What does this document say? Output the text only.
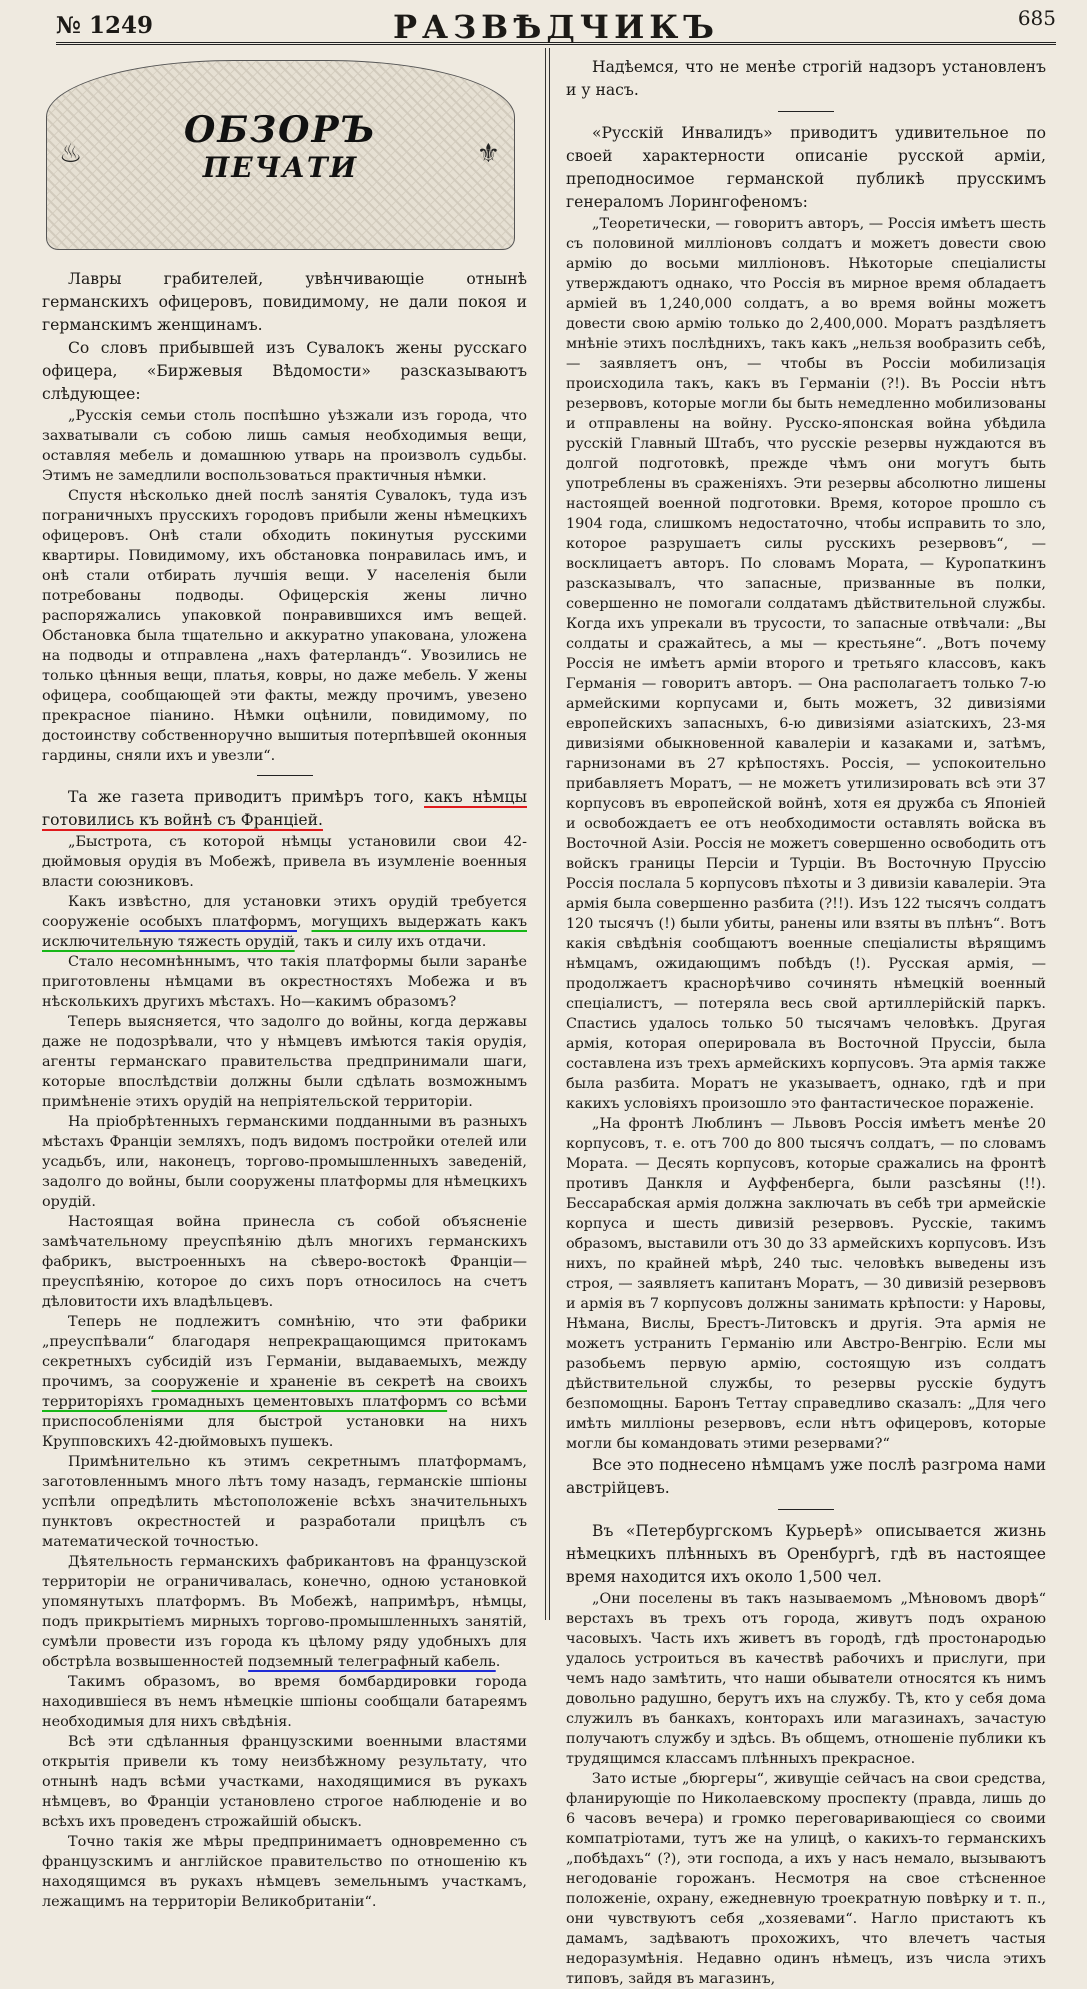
№ 1249	РАЗВѢДЧИКЪ	685
♨	⚜
ОБЗОРЪ
ПЕЧАТИ

Лавры грабителей, увѣнчивающіе отнынѣ германскихъ офицеровъ, повидимому, не дали покоя и германскимъ женщинамъ.

Со словъ прибывшей изъ Сувалокъ жены русскаго офицера, «Биржевыя Вѣдомости» разсказываютъ слѣдующее:

„Русскія семьи столь поспѣшно уѣзжали изъ города, что захватывали съ собою лишь самыя необходимыя вещи, оставляя мебель и домашнюю утварь на произволъ судьбы. Этимъ не замедлили воспользоваться практичныя нѣмки.

Спустя нѣсколько дней послѣ занятія Сувалокъ, туда изъ пограничныхъ прусскихъ городовъ прибыли жены нѣмецкихъ офицеровъ. Онѣ стали обходить покинутыя русскими квартиры. Повидимому, ихъ обстановка понравилась имъ, и онѣ стали отбирать лучшія вещи. У населенія были потребованы подводы. Офицерскія жены лично распоряжались упаковкой понравившихся имъ вещей. Обстановка была тщательно и аккуратно упакована, уложена на подводы и отправлена „нахъ фатерландъ“. Увозились не только цѣнныя вещи, платья, ковры, но даже мебель. У жены офицера, сообщающей эти факты, между прочимъ, увезено прекрасное піанино. Нѣмки оцѣнили, повидимому, по достоинству собственноручно вышитыя потерпѣвшей оконныя гардины, сняли ихъ и увезли“.

Та же газета приводитъ примѣръ того, какъ нѣмцы готовились къ войнѣ съ Франціей.

„Быстрота, съ которой нѣмцы установили свои 42-дюймовыя орудія въ Мобежѣ, привела въ изумленіе военныя власти союзниковъ.

Какъ извѣстно, для установки этихъ орудій требуется сооруженіе особыхъ платформъ, могущихъ выдержать какъ исключительную тяжесть орудій, такъ и силу ихъ отдачи.

Стало несомнѣннымъ, что такія платформы были заранѣе приготовлены нѣмцами въ окрестностяхъ Мобежа и въ нѣсколькихъ другихъ мѣстахъ. Но—какимъ образомъ?

Теперь выясняется, что задолго до войны, когда державы даже не подозрѣвали, что у нѣмцевъ имѣются такія орудія, агенты германскаго правительства предпринимали шаги, которые впослѣдствіи должны были сдѣлать возможнымъ примѣненіе этихъ орудій на непріятельской территоріи.

На пріобрѣтенныхъ германскими подданными въ разныхъ мѣстахъ Франціи земляхъ, подъ видомъ постройки отелей или усадьбъ, или, наконецъ, торгово-промышленныхъ заведеній, задолго до войны, были сооружены платформы для нѣмецкихъ орудій.

Настоящая война принесла съ собой объясненіе замѣчательному преуспѣянію дѣлъ многихъ германскихъ фабрикъ, выстроенныхъ на сѣверо-востокѣ Франціи—преуспѣянію, которое до сихъ поръ относилось на счетъ дѣловитости ихъ владѣльцевъ.

Теперь не подлежитъ сомнѣнію, что эти фабрики „преуспѣвали“ благодаря непрекращающимся притокамъ секретныхъ субсидій изъ Германіи, выдаваемыхъ, между прочимъ, за сооруженіе и храненіе въ секретѣ на своихъ территоріяхъ громадныхъ цементовыхъ платформъ со всѣми приспособленіями для быстрой установки на нихъ Крупповскихъ 42-дюймовыхъ пушекъ.

Примѣнительно къ этимъ секретнымъ платформамъ, заготовленнымъ много лѣтъ тому назадъ, германскіе шпіоны успѣли опредѣлить мѣстоположеніе всѣхъ значительныхъ пунктовъ окрестностей и разработали прицѣлъ съ математической точностью.

Дѣятельность германскихъ фабрикантовъ на французской территоріи не ограничивалась, конечно, одною установкой упомянутыхъ платформъ. Въ Мобежѣ, напримѣръ, нѣмцы, подъ прикрытіемъ мирныхъ торгово-промышленныхъ занятій, сумѣли провести изъ города къ цѣлому ряду удобныхъ для обстрѣла возвышенностей подземный телеграфный кабель.

Такимъ образомъ, во время бомбардировки города находившіеся въ немъ нѣмецкіе шпіоны сообщали батареямъ необходимыя для нихъ свѣдѣнія.

Всѣ эти сдѣланныя французскими военными властями открытія привели къ тому неизбѣжному результату, что отнынѣ надъ всѣми участками, находящимися въ рукахъ нѣмцевъ, во Франціи установлено строгое наблюденіе и во всѣхъ ихъ проведенъ строжайшій обыскъ.

Точно такія же мѣры предпринимаетъ одновременно съ французскимъ и англійское правительство по отношенію къ находящимся въ рукахъ нѣмцевъ земельнымъ участкамъ, лежащимъ на территоріи Великобританіи“.

Надѣемся, что не менѣе строгій надзоръ установленъ и у насъ.

«Русскій Инвалидъ» приводитъ удивительное по своей характерности описаніе русской арміи, преподносимое германской публикѣ прусскимъ генераломъ Лорингофеномъ:

„Теоретически, — говоритъ авторъ, — Россія имѣетъ шесть съ половиной милліоновъ солдатъ и можетъ довести свою армію до восьми милліоновъ. Нѣкоторые спеціалисты утверждаютъ однако, что Россія въ мирное время обладаетъ арміей въ 1,240,000 солдатъ, а во время войны можетъ довести свою армію только до 2,400,000. Моратъ раздѣляетъ мнѣніе этихъ послѣднихъ, такъ какъ „нельзя вообразить себѣ, — заявляетъ онъ, — чтобы въ Россіи мобилизація происходила такъ, какъ въ Германіи (?!). Въ Россіи нѣтъ резервовъ, которые могли бы быть немедленно мобилизованы и отправлены на войну. Русско-японская война убѣдила русскій Главный Штабъ, что русскіе резервы нуждаются въ долгой подготовкѣ, прежде чѣмъ они могутъ быть употреблены въ сраженіяхъ. Эти резервы абсолютно лишены настоящей военной подготовки. Время, которое прошло съ 1904 года, слишкомъ недостаточно, чтобы исправить то зло, которое разрушаетъ силы русскихъ резервовъ“, — восклицаетъ авторъ. По словамъ Мората, — Куропаткинъ разсказывалъ, что запасные, призванные въ полки, совершенно не помогали солдатамъ дѣйствительной службы. Когда ихъ упрекали въ трусости, то запасные отвѣчали: „Вы солдаты и сражайтесь, а мы — крестьяне“. „Вотъ почему Россія не имѣетъ арміи второго и третьяго классовъ, какъ Германія — говоритъ авторъ. — Она располагаетъ только 7-ю армейскими корпусами и, быть можетъ, 32 дивизіями европейскихъ запасныхъ, 6-ю дивизіями азіатскихъ, 23-мя дивизіями обыкновенной кавалеріи и казаками и, затѣмъ, гарнизонами въ 27 крѣпостяхъ. Россія, — успокоительно прибавляетъ Моратъ, — не можетъ утилизировать всѣ эти 37 корпусовъ въ европейской войнѣ, хотя ея дружба съ Японіей и освобождаетъ ее отъ необходимости оставлять войска въ Восточной Азіи. Россія не можетъ совершенно освободить отъ войскъ границы Персіи и Турціи. Въ Восточную Пруссію Россія послала 5 корпусовъ пѣхоты и 3 дивизіи кавалеріи. Эта армія была совершенно разбита (?!!). Изъ 122 тысячъ солдатъ 120 тысячъ (!) были убиты, ранены или взяты въ плѣнъ“. Вотъ какія свѣдѣнія сообщаютъ военные спеціалисты вѣрящимъ нѣмцамъ, ожидающимъ побѣдъ (!). Русская армія, — продолжаетъ краснорѣчиво сочинять нѣмецкій военный спеціалистъ, — потеряла весь свой артиллерійскій паркъ. Спастись удалось только 50 тысячамъ человѣкъ. Другая армія, которая оперировала въ Восточной Пруссіи, была составлена изъ трехъ армейскихъ корпусовъ. Эта армія также была разбита. Моратъ не указываетъ, однако, гдѣ и при какихъ условіяхъ произошло это фантастическое пораженіе.

„На фронтѣ Люблинъ — Львовъ Россія имѣетъ менѣе 20 корпусовъ, т. е. отъ 700 до 800 тысячъ солдатъ, — по словамъ Мората. — Десять корпусовъ, которые сражались на фронтѣ противъ Данкля и Ауффенберга, были разсѣяны (!!). Бессарабская армія должна заключать въ себѣ три армейскіе корпуса и шесть дивизій резервовъ. Русскіе, такимъ образомъ, выставили отъ 30 до 33 армейскихъ корпусовъ. Изъ нихъ, по крайней мѣрѣ, 240 тыс. человѣкъ выведены изъ строя, — заявляетъ капитанъ Моратъ, — 30 дивизій резервовъ и армія въ 7 корпусовъ должны занимать крѣпости: у Наровы, Нѣмана, Вислы, Брестъ-Литовскъ и другія. Эта армія не можетъ устранить Германію или Австро-Венгрію. Если мы разобьемъ первую армію, состоящую изъ солдатъ дѣйствительной службы, то резервы русскіе будутъ безпомощны. Баронъ Теттау справедливо сказалъ: „Для чего имѣть милліоны резервовъ, если нѣтъ офицеровъ, которые могли бы командовать этими резервами?“

Все это поднесено нѣмцамъ уже послѣ разгрома нами австрійцевъ.

Въ «Петербургскомъ Курьерѣ» описывается жизнь нѣмецкихъ плѣнныхъ въ Оренбургѣ, гдѣ въ настоящее время находится ихъ около 1,500 чел.

„Они поселены въ такъ называемомъ „Мѣновомъ дворѣ“ верстахъ въ трехъ отъ города, живутъ подъ охраною часовыхъ. Часть ихъ живетъ въ городѣ, гдѣ простонародью удалось устроиться въ качествѣ рабочихъ и прислуги, при чемъ надо замѣтить, что наши обыватели относятся къ нимъ довольно радушно, берутъ ихъ на службу. Тѣ, кто у себя дома служилъ въ банкахъ, конторахъ или магазинахъ, зачастую получаютъ службу и здѣсь. Въ общемъ, отношеніе публики къ трудящимся классамъ плѣнныхъ прекрасное.

Зато истые „бюргеры“, живущіе сейчасъ на свои средства, фланирующіе по Николаевскому проспекту (правда, лишь до 6 часовъ вечера) и громко переговаривающіеся со своими компатріотами, тутъ же на улицѣ, о какихъ-то германскихъ „побѣдахъ“ (?), эти господа, а ихъ у насъ немало, вызываютъ негодованіе горожанъ. Несмотря на свое стѣсненное положеніе, охрану, ежедневную троекратную повѣрку и т. п., они чувствуютъ себя „хозяевами“. Нагло пристаютъ къ дамамъ, задѣваютъ прохожихъ, что влечетъ частыя недоразумѣнія. Недавно одинъ нѣмецъ, изъ числа этихъ типовъ, зайдя въ магазинъ,
